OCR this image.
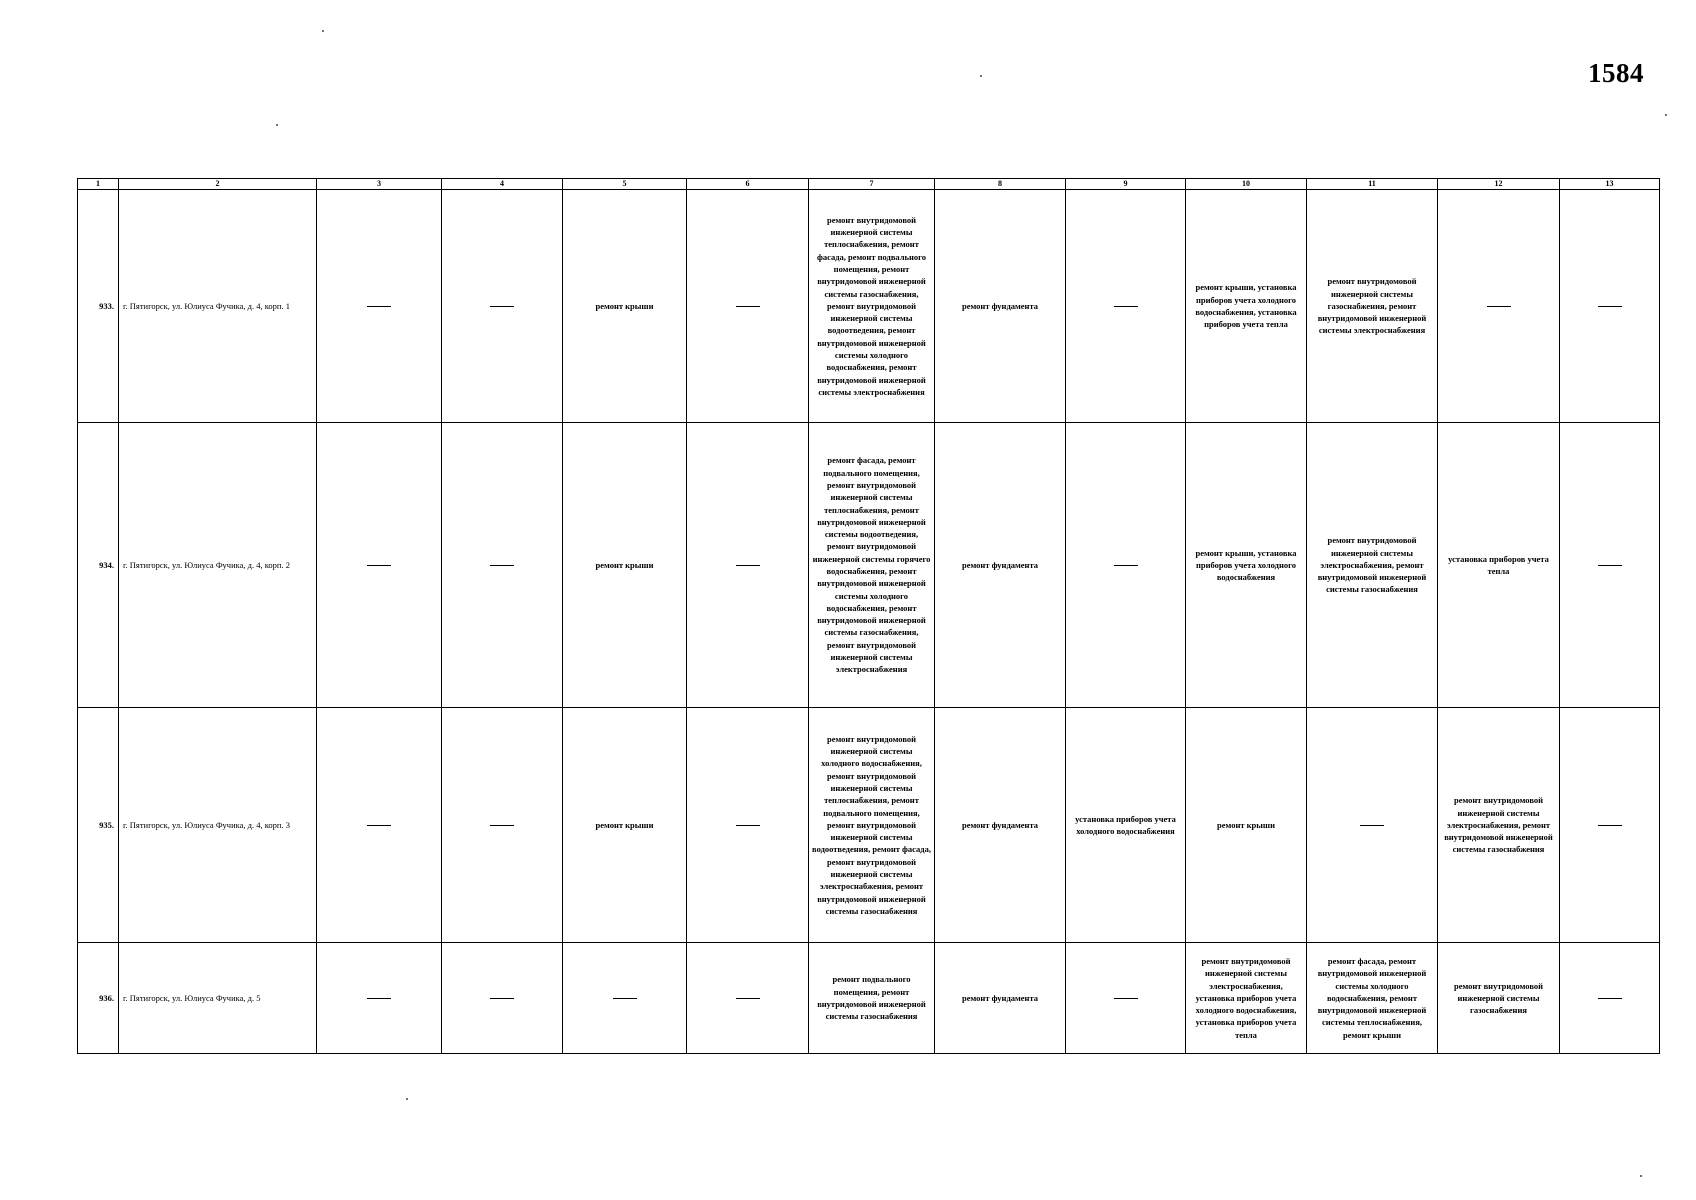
1584
1	2	3	4	5	6	7	8	9	10	11	12	13
933.	г. Пятигорск, ул. Юлиуса Фучика, д. 4, корп. 1			ремонт крыши		ремонт внутридомовой инженерной системы теплоснабжения, ремонт фасада, ремонт подвального помещения, ремонт внутридомовой инженерной системы газоснабжения, ремонт внутридомовой инженерной системы водоотведения, ремонт внутридомовой инженерной системы холодного водоснабжения, ремонт внутридомовой инженерной системы электроснабжения	ремонт фундамента		ремонт крыши, установка приборов учета холодного водоснабжения, установка приборов учета тепла	ремонт внутридомовой инженерной системы газоснабжения, ремонт внутридомовой инженерной системы электроснабжения		
934.	г. Пятигорск, ул. Юлиуса Фучика, д. 4, корп. 2			ремонт крыши		ремонт фасада, ремонт подвального помещения, ремонт внутридомовой инженерной системы теплоснабжения, ремонт внутридомовой инженерной системы водоотведения, ремонт внутридомовой инженерной системы горячего водоснабжения, ремонт внутридомовой инженерной системы холодного водоснабжения, ремонт внутридомовой инженерной системы газоснабжения, ремонт внутридомовой инженерной системы электроснабжения	ремонт фундамента		ремонт крыши, установка приборов учета холодного водоснабжения	ремонт внутридомовой инженерной системы электроснабжения, ремонт внутридомовой инженерной системы газоснабжения	установка приборов учета тепла	
935.	г. Пятигорск, ул. Юлиуса Фучика, д. 4, корп. 3			ремонт крыши		ремонт внутридомовой инженерной системы холодного водоснабжения, ремонт внутридомовой инженерной системы теплоснабжения, ремонт подвального помещения, ремонт внутридомовой инженерной системы водоотведения, ремонт фасада, ремонт внутридомовой инженерной системы электроснабжения, ремонт внутридомовой инженерной системы газоснабжения	ремонт фундамента	установка приборов учета холодного водоснабжения	ремонт крыши		ремонт внутридомовой инженерной системы электроснабжения, ремонт внутридомовой инженерной системы газоснабжения	
936.	г. Пятигорск, ул. Юлиуса Фучика, д. 5					ремонт подвального помещения, ремонт внутридомовой инженерной системы газоснабжения	ремонт фундамента		ремонт внутридомовой инженерной системы электроснабжения, установка приборов учета холодного водоснабжения, установка приборов учета тепла	ремонт фасада, ремонт внутридомовой инженерной системы холодного водоснабжения, ремонт внутридомовой инженерной системы теплоснабжения, ремонт крыши	ремонт внутридомовой инженерной системы газоснабжения	
